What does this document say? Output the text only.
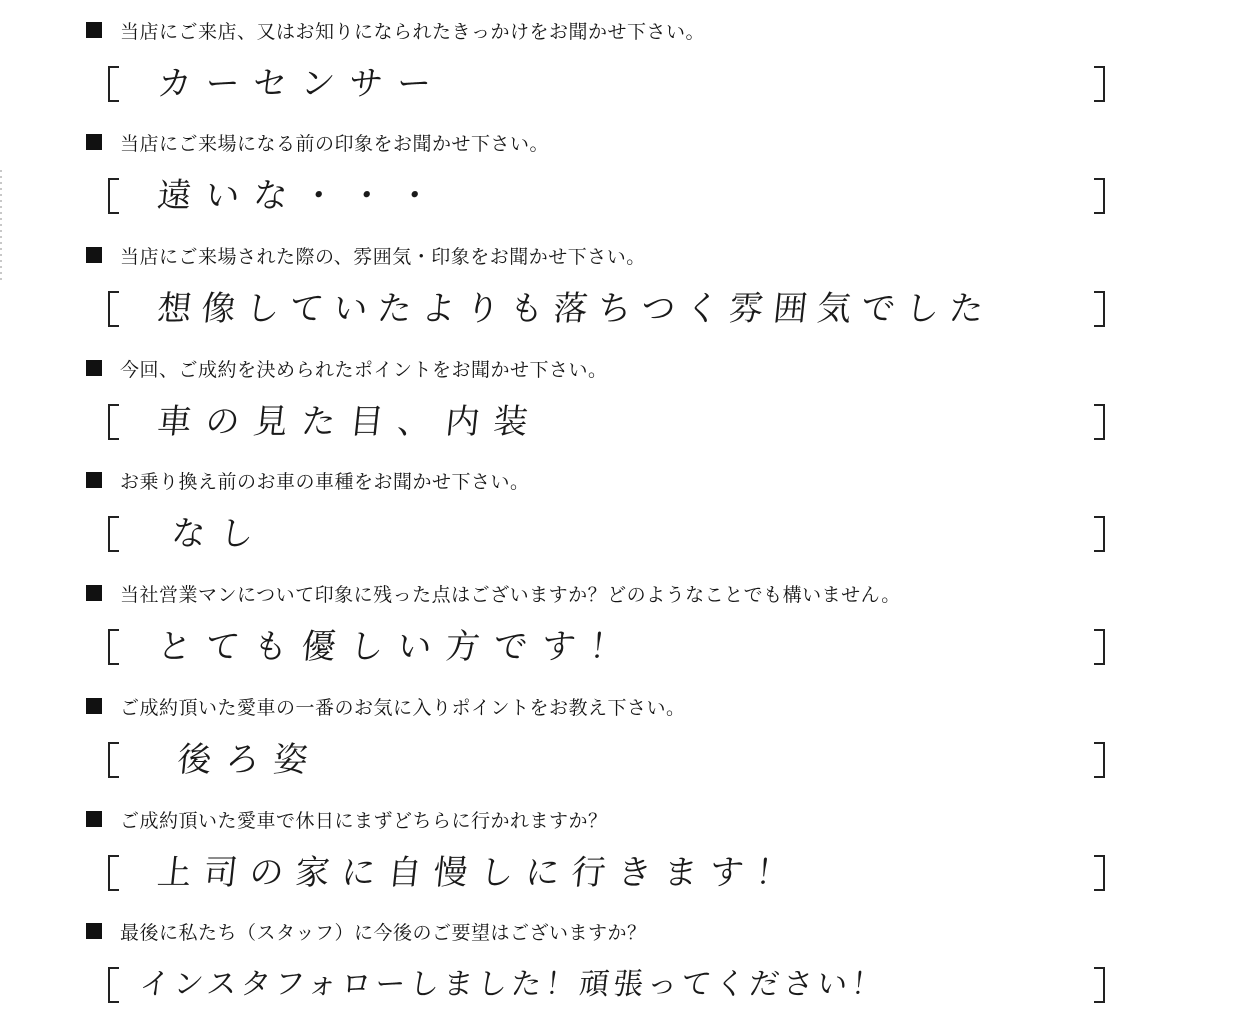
当店にご来店、又はお知りになられたきっかけをお聞かせ下さい。
カーセンサー
当店にご来場になる前の印象をお聞かせ下さい。
遠いな・・・
当店にご来場された際の、雰囲気・印象をお聞かせ下さい。
想像していたよりも落ちつく雰囲気でした
今回、ご成約を決められたポイントをお聞かせ下さい。
車の見た目、内装
お乗り換え前のお車の車種をお聞かせ下さい。
なし
当社営業マンについて印象に残った点はございますか？どのようなことでも構いません。
とても優しい方です！
ご成約頂いた愛車の一番のお気に入りポイントをお教え下さい。
後ろ姿
ご成約頂いた愛車で休日にまずどちらに行かれますか？
上司の家に自慢しに行きます！
最後に私たち（スタッフ）に今後のご要望はございますか？
インスタフォローしました！頑張ってください！
